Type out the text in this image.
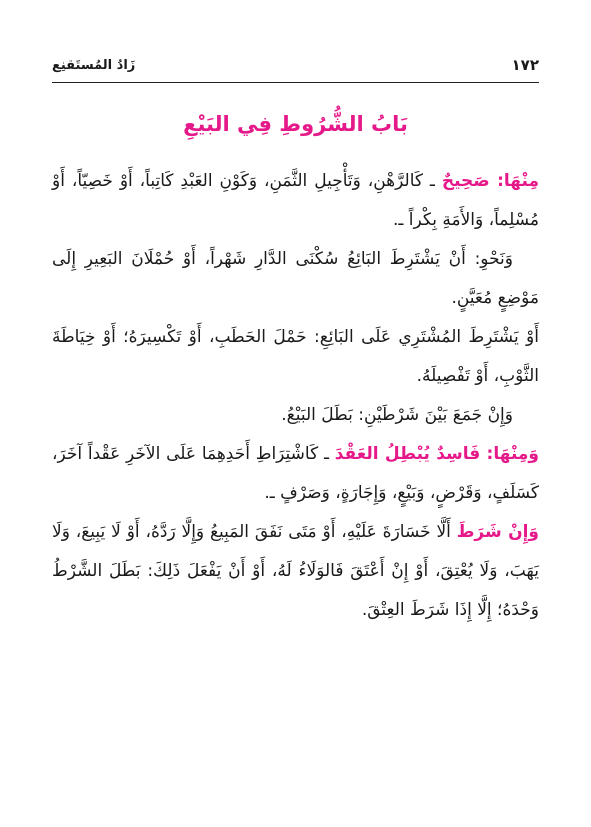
١٧٢
زَادُ المُستَقنِع
بَابُ الشُّرُوطِ فِي البَيْعِ

مِنْهَا: صَحِيحٌ ـ كَالرَّهْنِ، وَتَأْجِيلِ الثَّمَنِ، وَكَوْنِ العَبْدِ كَاتِباً، أَوْ خَصِيّاً، أَوْ مُسْلِماً، وَالأَمَةِ بِكْراً ـ.

وَنَحْوِ: أَنْ يَشْتَرِطَ البَائِعُ سُكْنَى الدَّارِ شَهْراً، أَوْ حُمْلَانَ البَعِيرِ إِلَى مَوْضِعٍ مُعَيَّنٍ.

أَوْ يَشْتَرِطَ المُشْتَرِي عَلَى البَائِعِ: حَمْلَ الحَطَبِ، أَوْ تَكْسِيرَهُ؛ أَوْ خِيَاطَةَ الثَّوْبِ، أَوْ تَفْصِيلَهُ.

وَإِنْ جَمَعَ بَيْنَ شَرْطَيْنِ: بَطَلَ البَيْعُ.

وَمِنْهَا: فَاسِدٌ يُبْطِلُ العَقْدَ ـ كَاشْتِرَاطِ أَحَدِهِمَا عَلَى الآخَرِ عَقْداً آخَرَ، كَسَلَفٍ، وَقَرْضٍ، وَبَيْعٍ، وَإِجَارَةٍ، وَصَرْفٍ ـ.

وَإِنْ شَرَطَ أَلَّا خَسَارَةَ عَلَيْهِ، أَوْ مَتَى نَفَقَ المَبِيعُ وَإِلَّا رَدَّهُ، أَوْ لَا يَبِيعَ، وَلَا يَهَبَ، وَلَا يُعْتِقَ، أَوْ إِنْ أَعْتَقَ فَالوَلَاءُ لَهُ، أَوْ أَنْ يَفْعَلَ ذَلِكَ: بَطَلَ الشَّرْطُ وَحْدَهُ؛ إِلَّا إِذَا شَرَطَ العِتْقَ.
